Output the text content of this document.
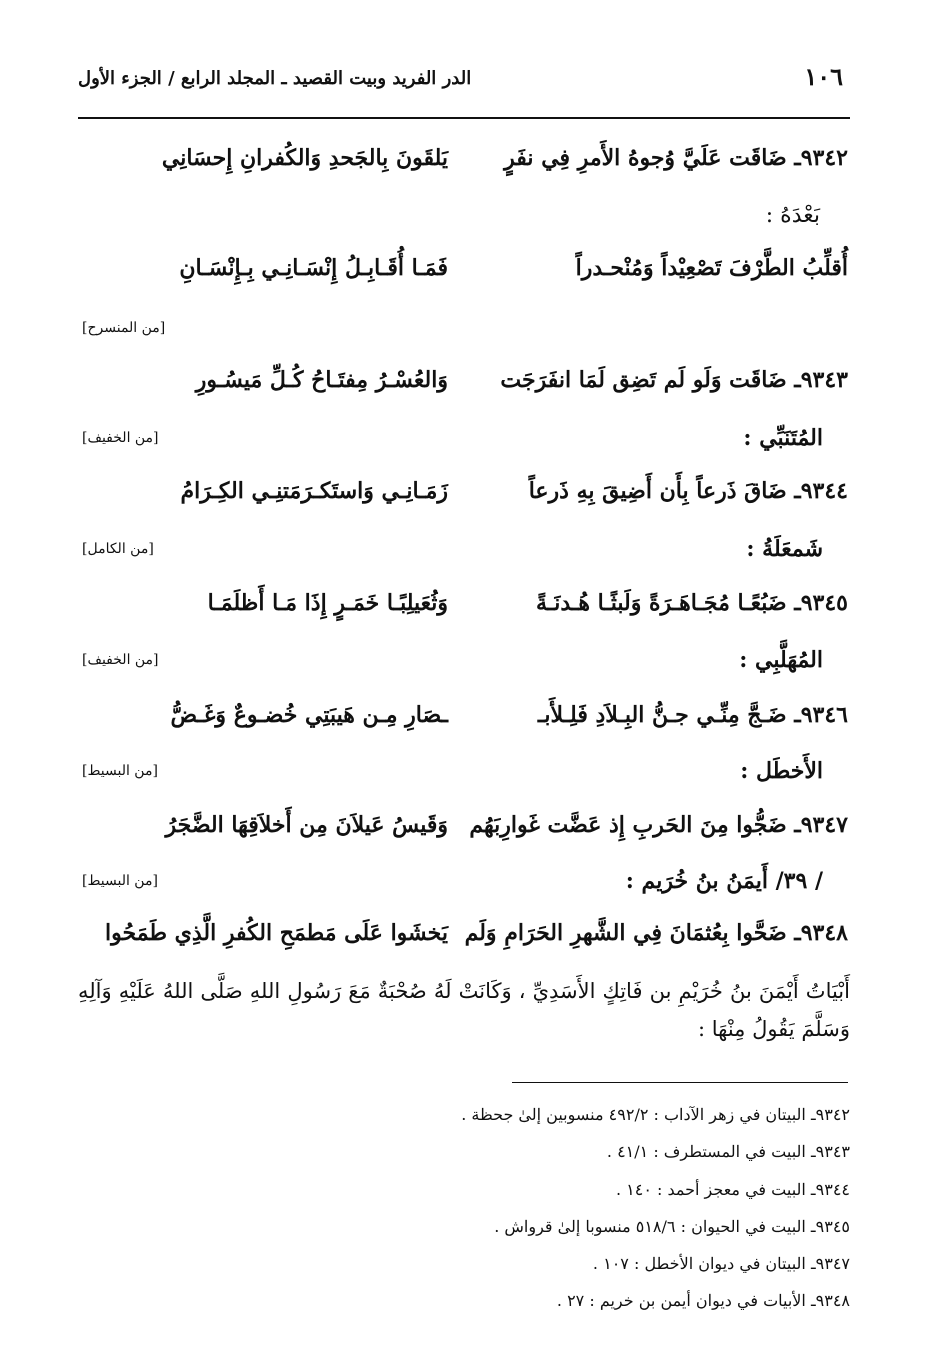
١٠٦
الدر الفريد وبيت القصيد ـ المجلد الرابع / الجزء الأول
٩٣٤٢ـ ضَاقَت عَلَيَّ وُجوهُ الأَمرِ فِي نفَرٍ
يَلقَونَ بِالجَحدِ وَالكُفرانِ إِحسَانِي
بَعْدَهُ :
أُقلِّبُ الطَّرْفَ تَصْعِيْداً وَمُنْحـدراً
فَمَـا أُقَـابِـلُ إِنْسَـانِـي بِـإِنْسَـانِ
[من المنسرح]
٩٣٤٣ـ ضَاقَت وَلَو لَم تَضِق لَمَا انفَرَجَت
وَالعُسْـرُ مِفتَـاحُ كُـلِّ مَيسُـورِ
المُتَنَبِّي :
[من الخفيف]
٩٣٤٤ـ ضَاقَ ذَرعاً بِأَن أَضِيقَ بِهِ ذَرعاً
زَمَـانِـي وَاستَكـرَمَتنِـي الكِـرَامُ
شَمعَلَةُ :
[من الكامل]
٩٣٤٥ـ ضَبُعًـا مُجَـاهَـرَةً وَلَبثًـا هُـدنَـةً
وَثُعَيلِبًـا خَمَـرٍ إِذَا مَـا أَظلَمَـا
المُهَلَّبِي :
[من الخفيف]
٩٣٤٦ـ ضَـجَّ مِنِّـي جـنُّ البِـلاَدِ فَلِـلأَبـ
ـصَارِ مِـن هَيبَتِي خُضـوعٌ وَغَـضُّ
الأَخطَل :
[من البسيط]
٩٣٤٧ـ ضَجُّوا مِنَ الحَربِ إِذ عَضَّت غَوارِبَهُم
وَقَيسُ عَيلاَنَ مِن أَخلاَقِهَا الضَّجَرُ
/ ٣٩/ أَيمَنُ بنُ خُرَيم :
[من البسيط]
٩٣٤٨ـ ضَحَّوا بِعُثمَانَ فِي الشَّهرِ الحَرَامِ وَلَم
يَخشَوا عَلَى مَطمَحِ الكُفرِ الَّذِي طَمَحُوا
أَبْيَاتُ أَيْمَنَ بنُ خُرَيْمِ بن فَاتِكٍ الأَسَدِيِّ ، وَكَانَتْ لَهُ صُحْبَةٌ مَعَ رَسُولِ اللهِ صَلَّى اللهُ عَلَيْهِ وَآلِهِ وَسَلَّمَ يَقُولُ مِنْهَا :
٩٣٤٢ـ البيتان في زهر الآداب : ٤٩٢/٢ منسوبين إلىٰ جحظة .
٩٣٤٣ـ البيت في المستطرف : ٤١/١ .
٩٣٤٤ـ البيت في معجز أحمد : ١٤٠ .
٩٣٤٥ـ البيت في الحيوان : ٥١٨/٦ منسوبا إلىٰ قرواش .
٩٣٤٧ـ البيتان في ديوان الأخطل : ١٠٧ .
٩٣٤٨ـ الأبيات في ديوان أيمن بن خريم : ٢٧ .
